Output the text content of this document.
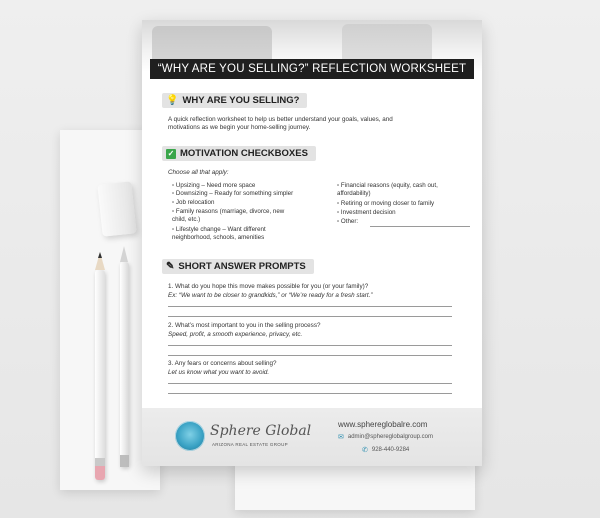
“WHY ARE YOU SELLING?” REFLECTION WORKSHEET
💡 WHY ARE YOU SELLING?
A quick reflection worksheet to help us better understand your goals, values, and
motivations as we begin your home-selling journey.
✓ MOTIVATION CHECKBOXES
Choose all that apply:
▫ Upsizing – Need more space
▫ Downsizing – Ready for something simpler
▫ Job relocation
▫ Family reasons (marriage, divorce, new
child, etc.)
▫ Lifestyle change – Want different
neighborhood, schools, amenities
▫ Financial reasons (equity, cash out,
affordability)
▫ Retiring or moving closer to family
▫ Investment decision
▫ Other:
✎ SHORT ANSWER PROMPTS
1. What do you hope this move makes possible for you (or your family)?
Ex: “We want to be closer to grandkids,” or “We’re ready for a fresh start.”
2. What’s most important to you in the selling process?
Speed, profit, a smooth experience, privacy, etc.
3. Any fears or concerns about selling?
Let us know what you want to avoid.
Sphere Global
ARIZONA REAL ESTATE GROUP
www.sphereglobalre.com
✉ admin@sphereglobalgroup.com
✆ 928-440-9284
